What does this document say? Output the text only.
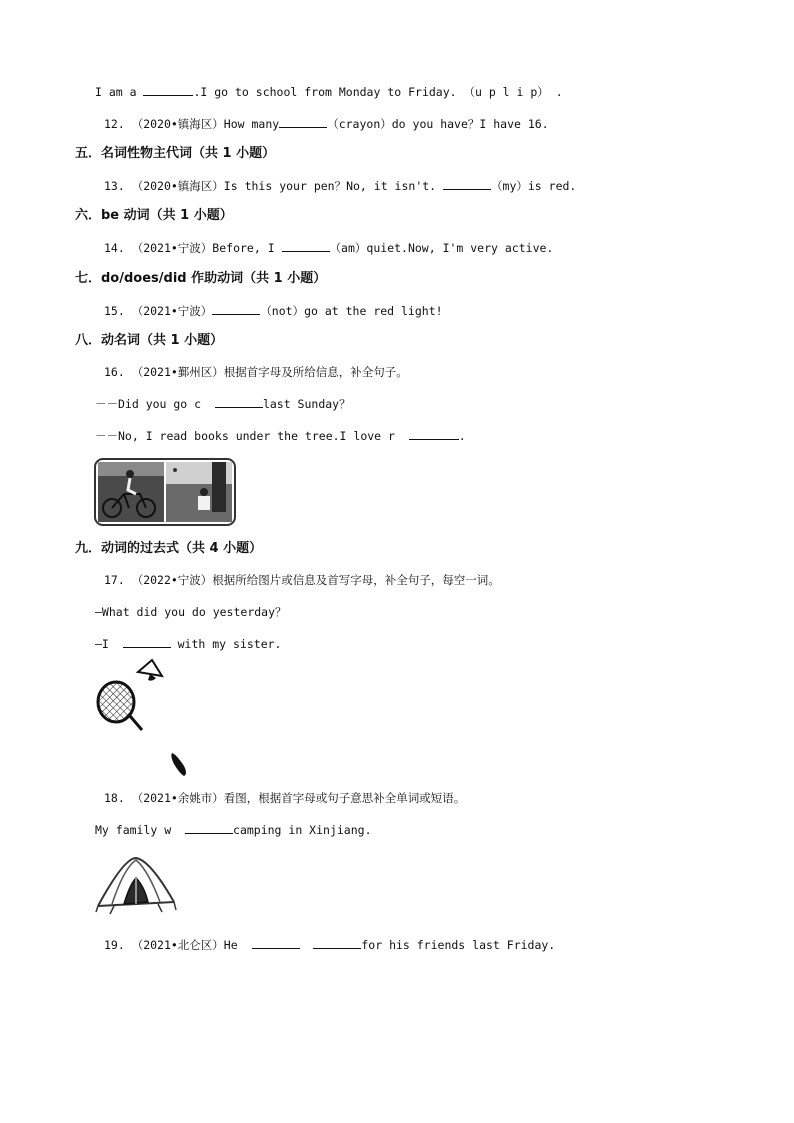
I am a	.I go to school from Monday to Friday. （u p l i p） .
12. （2020•镇海区）How many	（crayon）do you have？I have 16.
五．名词性物主代词（共 1 小题）
13. （2020•镇海区）Is this your pen？No, it isn't.	（my）is red.
六．be 动词（共 1 小题）
14. （2021•宁波）Before, I	（am）quiet.Now, I'm very active.
七．do/does/did 作助动词（共 1 小题）
15. （2021•宁波）	（not）go at the red light!
八．动名词（共 1 小题）
16. （2021•鄞州区）根据首字母及所给信息，补全句子。
－－Did you go c	last Sunday？
－－No, I read books under the tree.I love r	.
九．动词的过去式（共 4 小题）
17. （2022•宁波）根据所给图片或信息及首写字母，补全句子，每空一词。
—What did you do yesterday？
—I	with my sister.
18. （2021•余姚市）看图，根据首字母或句子意思补全单词或短语。
My family w	camping in Xinjiang.
19. （2021•北仑区）He	for his friends last Friday.
